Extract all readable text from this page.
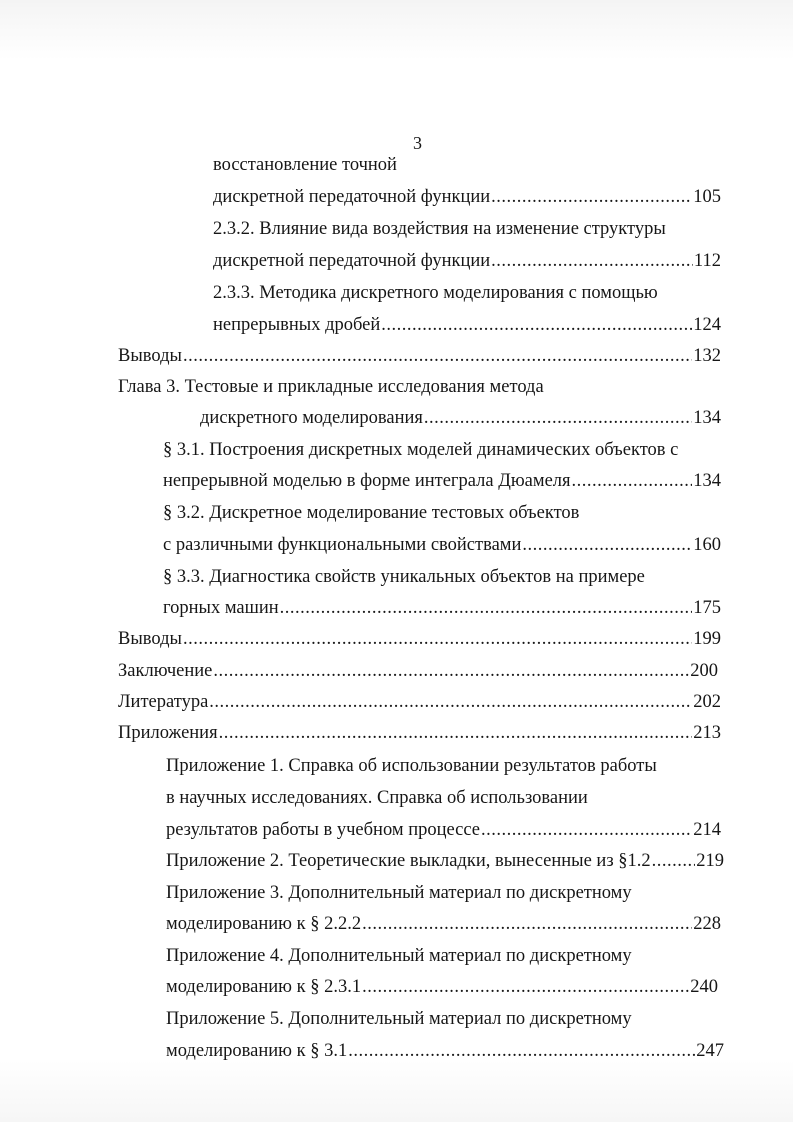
3
восстановление точной
дискретной передаточной функции .....	105
2.3.2. Влияние вида воздействия на изменение структуры
дискретной передаточной функции .....	112
2.3.3. Методика дискретного моделирования с помощью
непрерывных дробей .....	124
Выводы .....	132
Глава 3. Тестовые и прикладные исследования метода
дискретного моделирования .....	134
§ 3.1. Построения дискретных моделей динамических объектов с
непрерывной моделью в форме интеграла Дюамеля .....	134
§ 3.2. Дискретное моделирование тестовых объектов
с различными функциональными свойствами .....	160
§ 3.3. Диагностика свойств уникальных объектов на примере
горных машин .....	175
Выводы .....	199
Заключение .....	200
Литература .....	202
Приложения .....	213
Приложение 1. Справка об использовании результатов работы
в научных исследованиях. Справка об использовании
результатов работы в учебном процессе .....	214
Приложение 2. Теоретические выкладки, вынесенные из §1.2 ..... 219
Приложение 3. Дополнительный материал по дискретному
моделированию к § 2.2.2 .....	228
Приложение 4. Дополнительный материал по дискретному
моделированию к § 2.3.1 .....	240
Приложение 5. Дополнительный материал по дискретному
моделированию к § 3.1 .....	247
